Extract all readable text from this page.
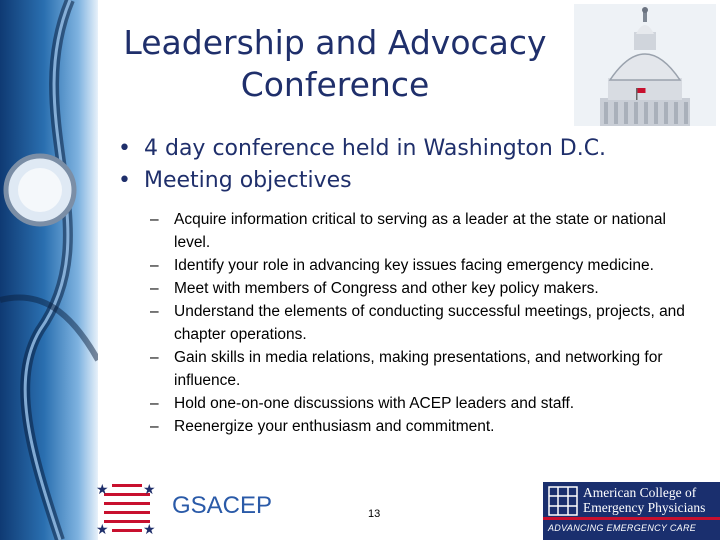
Leadership and Advocacy
Conference
• 4 day conference held in Washington D.C.
• Meeting objectives
– Acquire information critical to serving as a leader at the state or national level.
– Identify your role in advancing key issues facing emergency medicine.
– Meet with members of Congress and other key policy makers.
– Understand the elements of conducting successful meetings, projects, and chapter operations.
– Gain skills in media relations, making presentations, and networking for influence.
– Hold one-on-one discussions with ACEP leaders and staff.
– Reenergize your enthusiasm and commitment.
★ ★
★ ★
GSACEP	13
American College of
Emergency Physicians
ADVANCING EMERGENCY CARE
